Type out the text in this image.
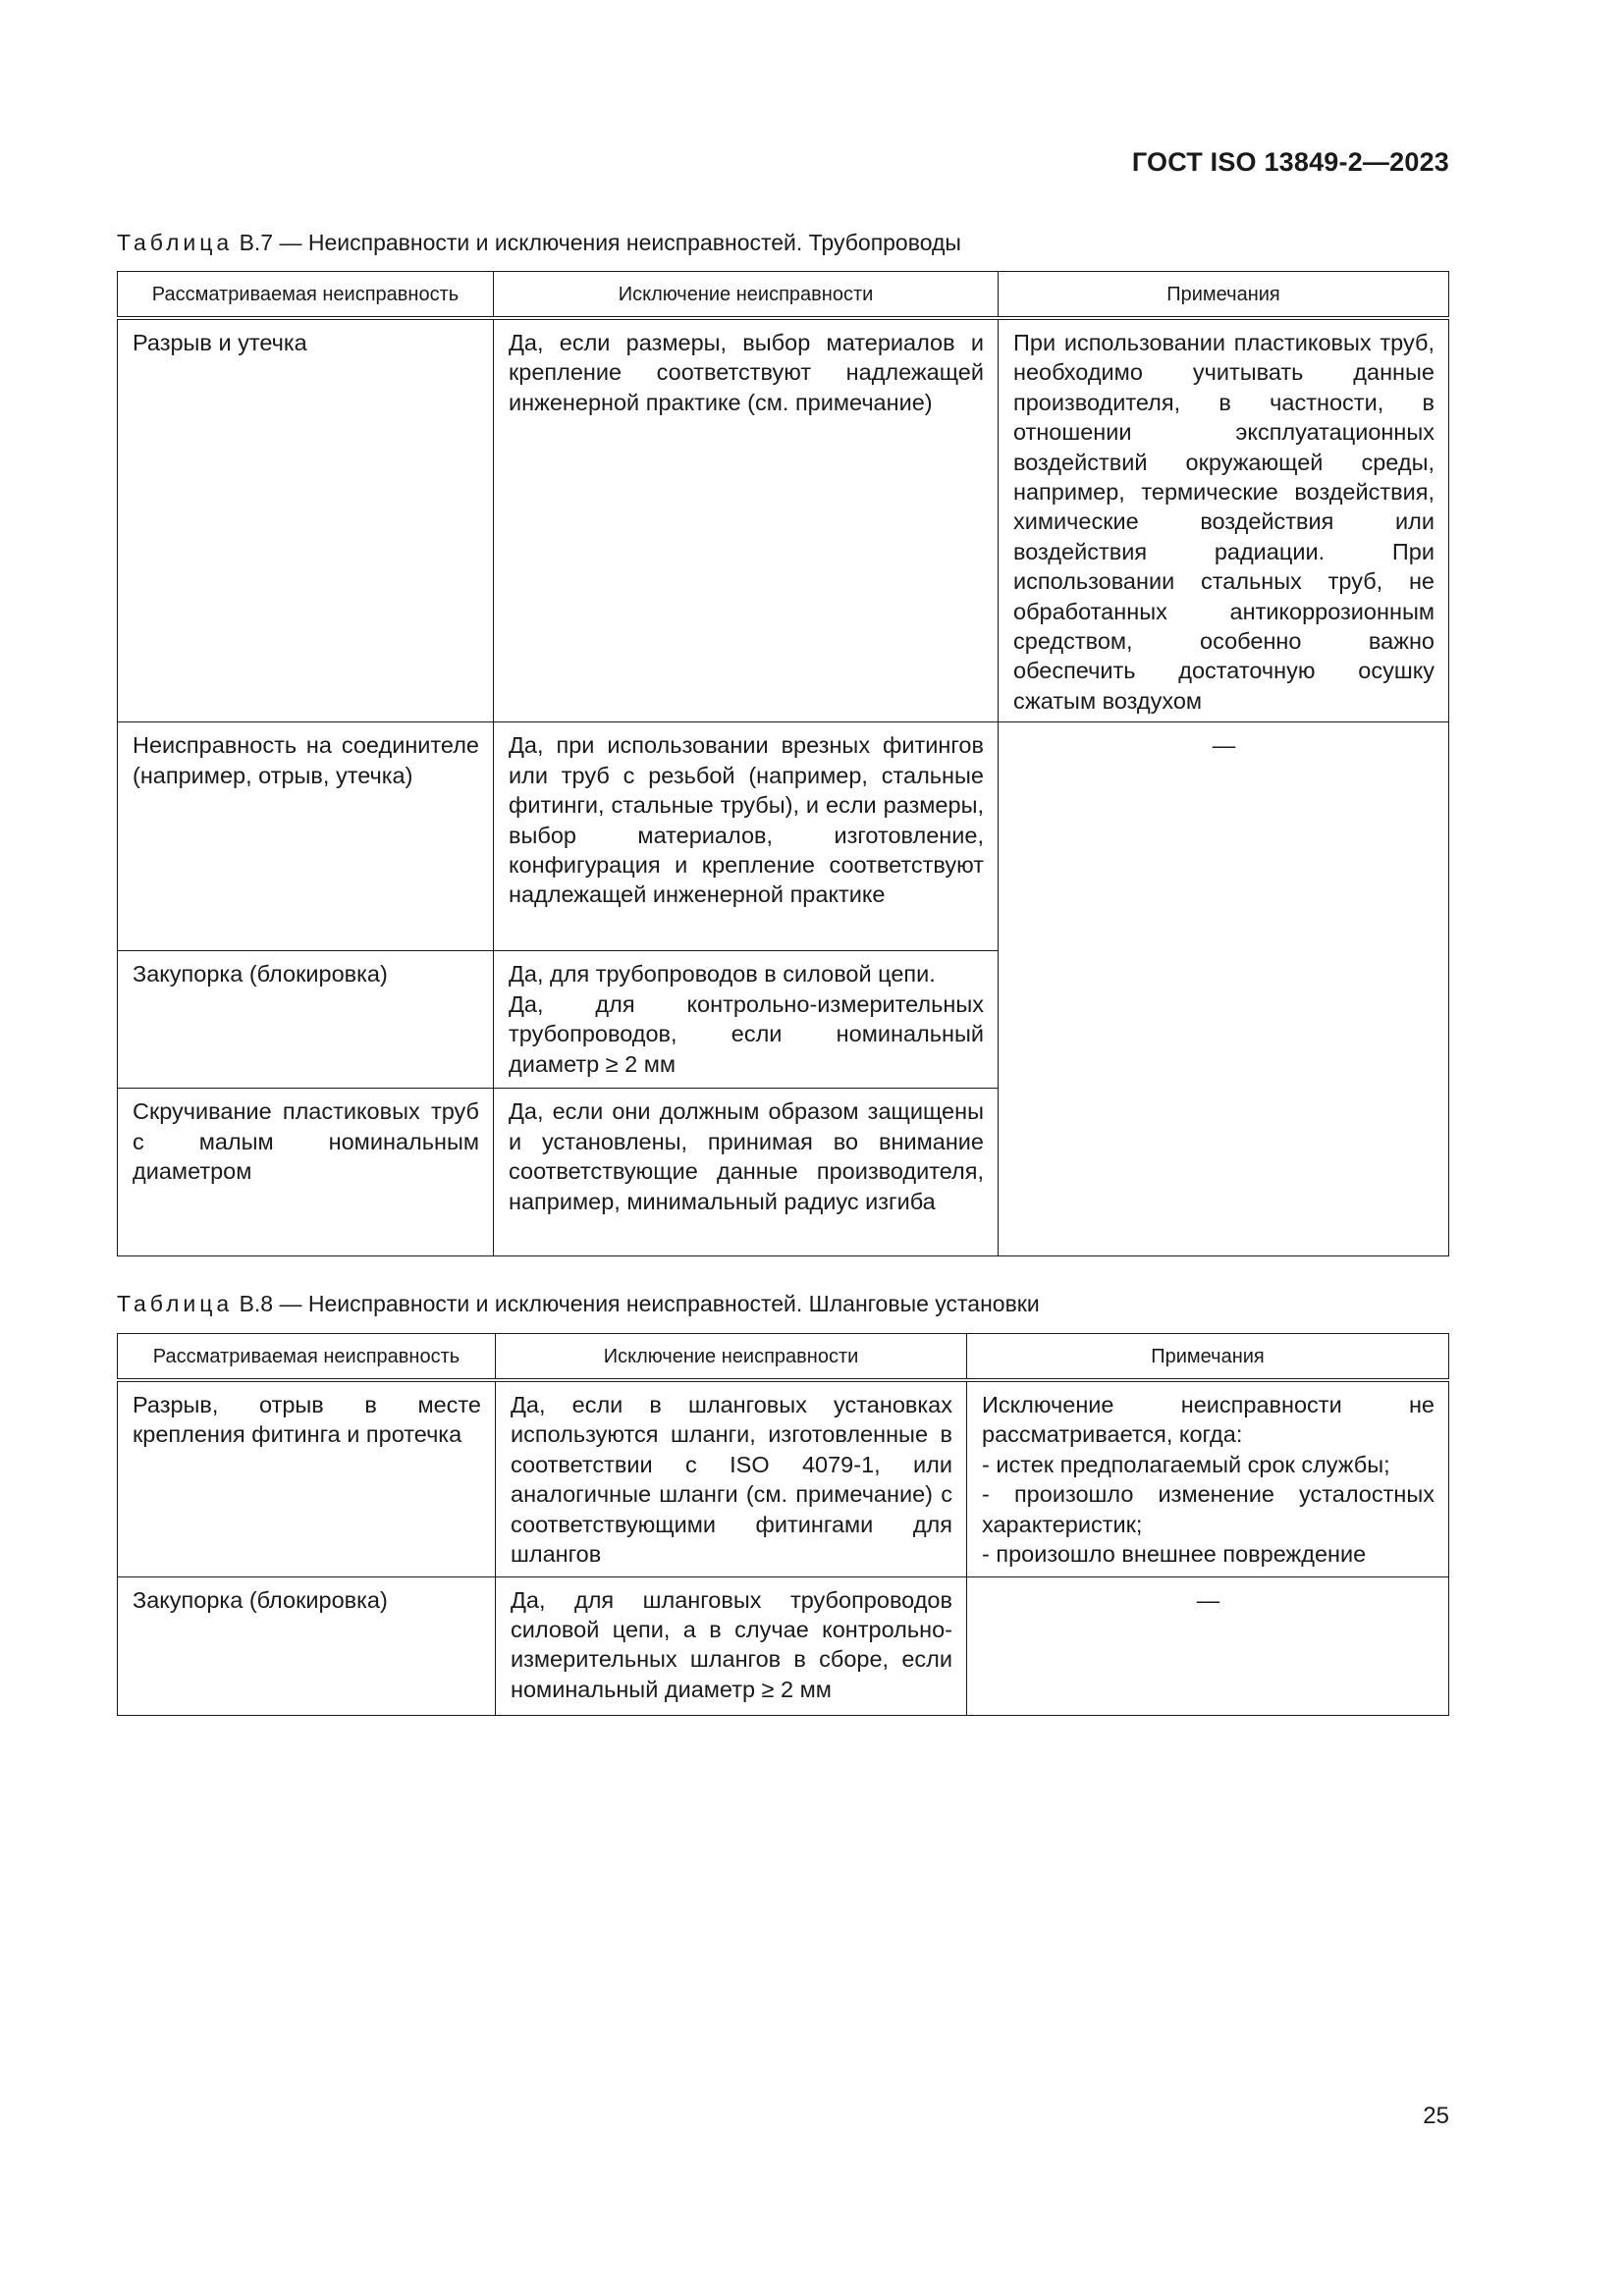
ГОСТ ISO 13849-2—2023
Таблица В.7 — Неисправности и исключения неисправностей. Трубопроводы
Рассматриваемая неисправность	Исключение неисправности	Примечания
Разрыв и утечка	Да, если размеры, выбор материалов и крепление соответствуют надлежащей инженерной практике (см. примечание)	При использовании пластиковых труб, необходимо учитывать данные производителя, в частности, в отношении эксплуатационных воздействий окружающей среды, например, термические воздействия, химические воздействия или воздействия радиации. При использовании стальных труб, не обработанных антикоррозионным средством, особенно важно обеспечить достаточную осушку сжатым воздухом
Неисправность на соединителе (например, отрыв, утечка)	Да, при использовании врезных фитингов или труб с резьбой (например, стальные фитинги, стальные трубы), и если размеры, выбор материалов, изготовление, конфигурация и крепление соответствуют надлежащей инженерной практике	—
Закупорка (блокировка)	Да, для трубопроводов в силовой цепи.
Да, для контрольно-измерительных трубопроводов, если номинальный диаметр ≥ 2 мм	

Скручивание пластиковых труб с малым номинальным диаметром	Да, если они должным образом защищены и установлены, принимая во внимание соответствующие данные производителя, например, минимальный радиус изгиба	
Таблица В.8 — Неисправности и исключения неисправностей. Шланговые установки
Рассматриваемая неисправность	Исключение неисправности	Примечания
Разрыв, отрыв в месте крепления фитинга и протечка	Да, если в шланговых установках используются шланги, изготовленные в соответствии с ISO 4079-1, или аналогичные шланги (см. примечание) с соответствующими фитингами для шлангов	Исключение неисправности не рассматривается, когда:
- истек предполагаемый срок службы;
- произошло изменение усталостных характеристик;
- произошло внешнее повреждение

Закупорка (блокировка)	Да, для шланговых трубопроводов силовой цепи, а в случае контрольно-измерительных шлангов в сборе, если номинальный диаметр ≥ 2 мм	—
25
